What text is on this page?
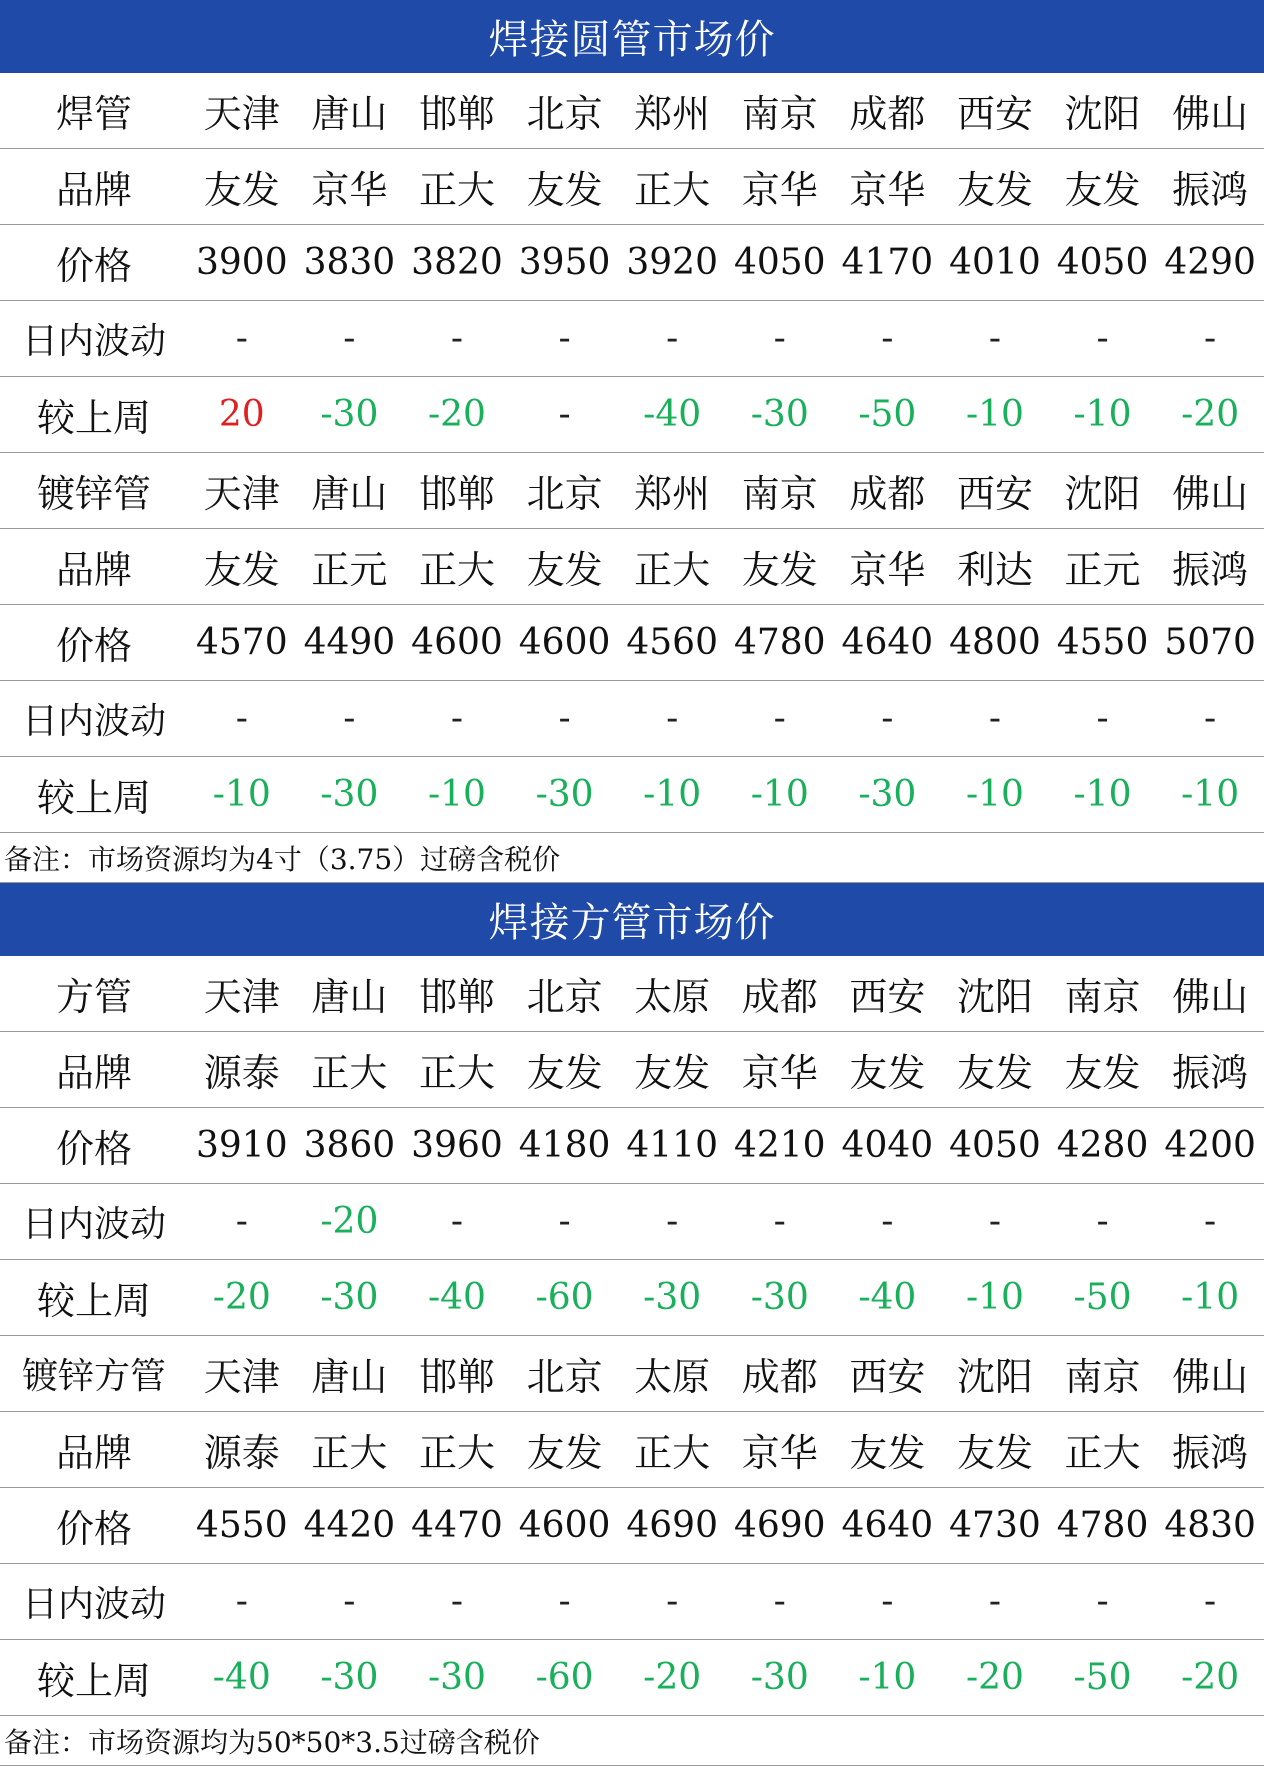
焊接圆管市场价
焊管	天津 唐山 邯郸 北京 郑州 南京 成都 西安 沈阳 佛山
品牌	友发 京华 正大 友发 正大 京华 京华 友发 友发 振鸿
价格	3900 3830 3820 3950 3920 4050 4170 4010 4050 4290
日内波动	-	-	-	-	-	-	-	-	-	-
较上周	20	-30	-20	-	-40	-30	-50	-10	-10	-20
镀锌管	天津 唐山 邯郸 北京 郑州 南京 成都 西安 沈阳 佛山
品牌	友发 正元 正大 友发 正大 友发 京华 利达 正元 振鸿
价格	4570 4490 4600 4600 4560 4780 4640 4800 4550 5070
日内波动	-	-	-	-	-	-	-	-	-	-
较上周	-10	-30	-10	-30	-10	-10	-30	-10	-10	-10
备注：市场资源均为4寸（3.75）过磅含税价
焊接方管市场价
方管	天津 唐山 邯郸 北京 太原 成都 西安 沈阳 南京 佛山
品牌	源泰 正大 正大 友发 友发 京华 友发 友发 友发 振鸿
价格	3910 3860 3960 4180 4110 4210 4040 4050 4280 4200
日内波动	-	-20	-	-	-	-	-	-	-	-
较上周	-20	-30	-40	-60	-30	-30	-40	-10	-50	-10
镀锌方管 天津 唐山 邯郸 北京 太原 成都 西安 沈阳 南京 佛山
品牌	源泰 正大 正大 友发 正大 京华 友发 友发 正大 振鸿
价格	4550 4420 4470 4600 4690 4690 4640 4730 4780 4830
日内波动	-	-	-	-	-	-	-	-	-	-
较上周	-40	-30	-30	-60	-20	-30	-10	-20	-50	-20
备注：市场资源均为50*50*3.5过磅含税价
